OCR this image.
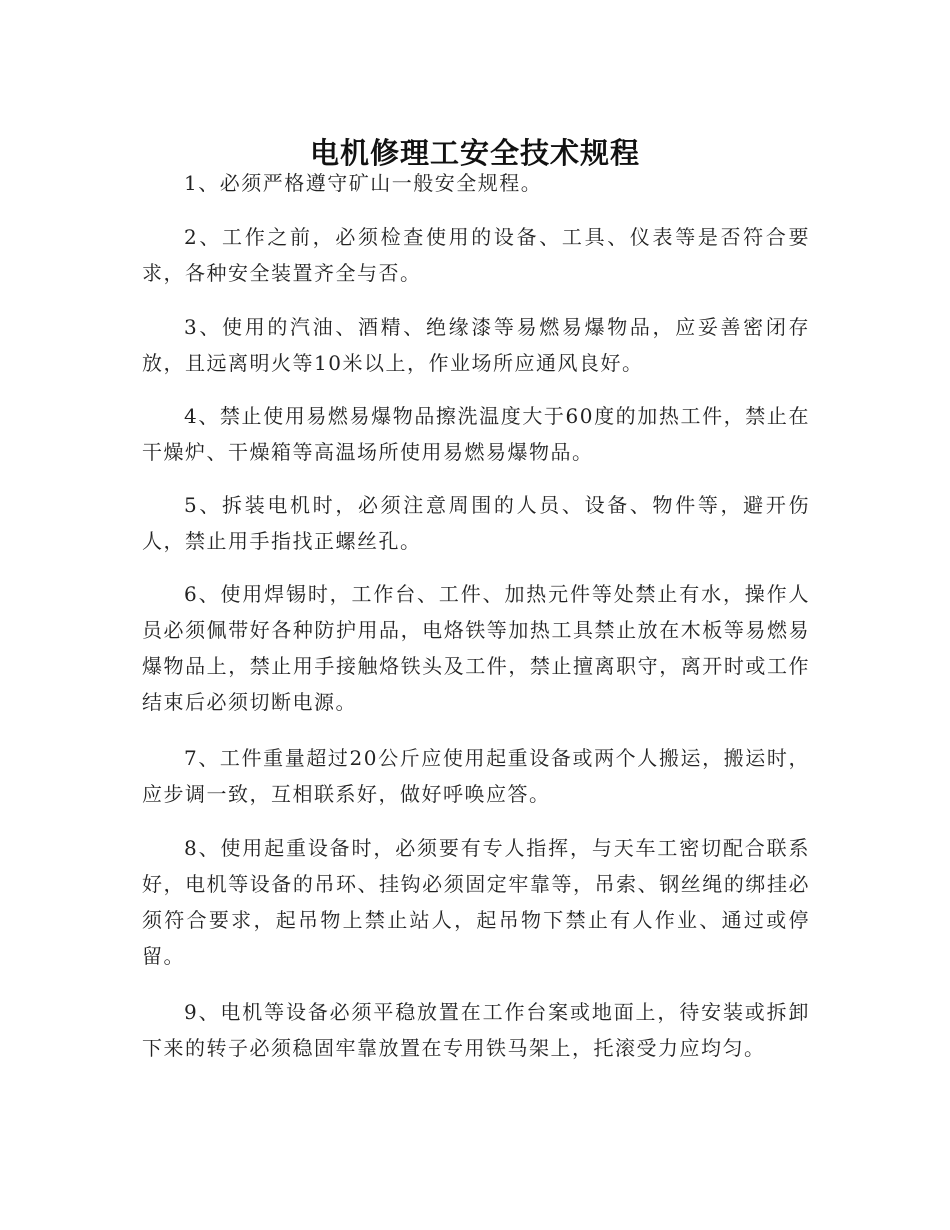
电机修理工安全技术规程

1、必须严格遵守矿山一般安全规程。

2、工作之前，必须检查使用的设备、工具、仪表等是否符合要求，各种安全装置齐全与否。

3、使用的汽油、酒精、绝缘漆等易燃易爆物品，应妥善密闭存放，且远离明火等10米以上，作业场所应通风良好。

4、禁止使用易燃易爆物品擦洗温度大于60度的加热工件，禁止在干燥炉、干燥箱等高温场所使用易燃易爆物品。

5、拆装电机时，必须注意周围的人员、设备、物件等，避开伤人，禁止用手指找正螺丝孔。

6、使用焊锡时，工作台、工件、加热元件等处禁止有水，操作人员必须佩带好各种防护用品，电烙铁等加热工具禁止放在木板等易燃易爆物品上，禁止用手接触烙铁头及工件，禁止擅离职守，离开时或工作结束后必须切断电源。

7、工件重量超过20公斤应使用起重设备或两个人搬运，搬运时，应步调一致，互相联系好，做好呼唤应答。

8、使用起重设备时，必须要有专人指挥，与天车工密切配合联系好，电机等设备的吊环、挂钩必须固定牢靠等，吊索、钢丝绳的绑挂必须符合要求，起吊物上禁止站人，起吊物下禁止有人作业、通过或停留。

9、电机等设备必须平稳放置在工作台案或地面上，待安装或拆卸下来的转子必须稳固牢靠放置在专用铁马架上，托滚受力应均匀。
